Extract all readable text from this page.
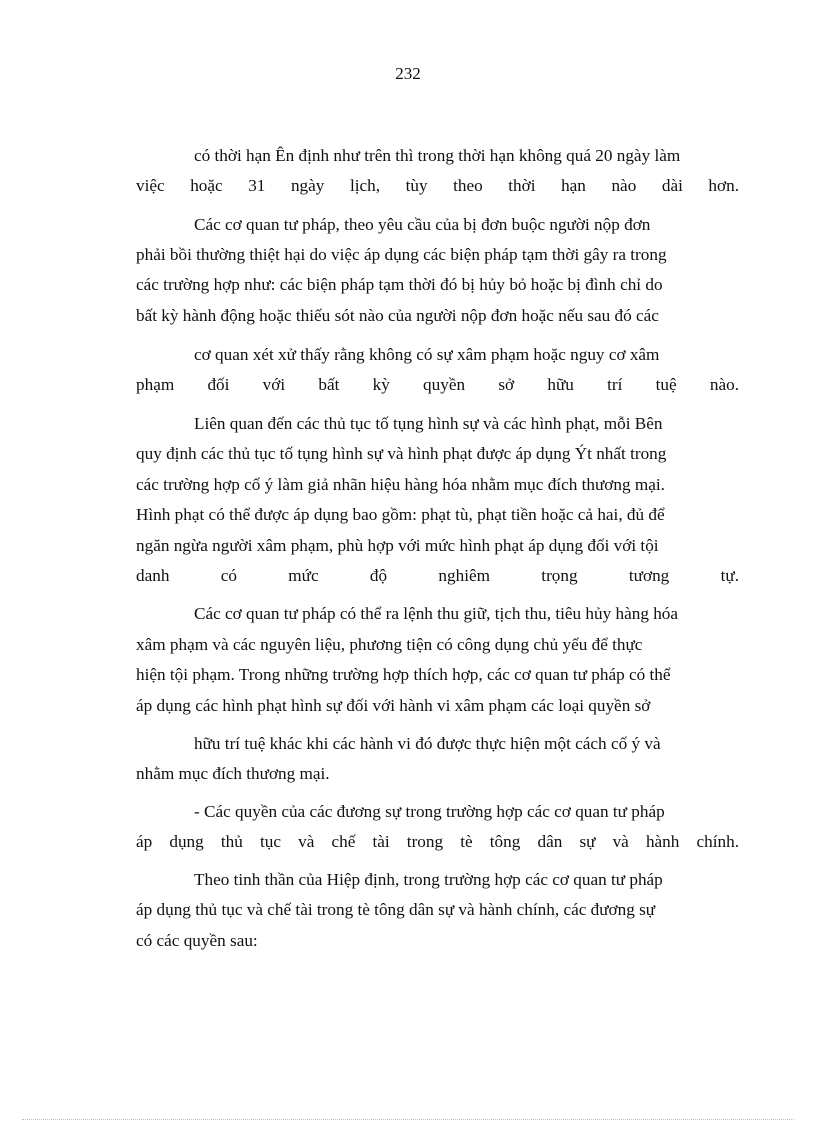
232
có thời hạn Ên định như trên thì trong thời hạn không quá 20 ngày làm
việc hoặc 31 ngày lịch, tùy theo thời hạn nào dài hơn.
Các cơ quan tư pháp, theo yêu cầu của bị đơn buộc người nộp đơn
phải bồi thường thiệt hại do việc áp dụng các biện pháp tạm thời gây ra trong
các trường hợp như: các biện pháp tạm thời đó bị hủy bỏ hoặc bị đình chỉ do
bất kỳ hành động hoặc thiếu sót nào của người nộp đơn hoặc nếu sau đó các
cơ quan xét xử thấy rằng không có sự xâm phạm hoặc nguy cơ xâm
phạm đối với bất kỳ quyền sở hữu trí tuệ nào.
Liên quan đến các thủ tục tố tụng hình sự và các hình phạt, mỗi Bên
quy định các thủ tục tố tụng hình sự và hình phạt được áp dụng Ýt nhất trong
các trường hợp cố ý làm giả nhãn hiệu hàng hóa nhằm mục đích thương mại.
Hình phạt có thể được áp dụng bao gồm: phạt tù, phạt tiền hoặc cả hai, đủ để
ngăn ngừa người xâm phạm, phù hợp với mức hình phạt áp dụng đối với tội
danh có mức độ nghiêm trọng tương tự.
Các cơ quan tư pháp có thể ra lệnh thu giữ, tịch thu, tiêu hủy hàng hóa
xâm phạm và các nguyên liệu, phương tiện có công dụng chủ yếu để thực
hiện tội phạm. Trong những trường hợp thích hợp, các cơ quan tư pháp có thể
áp dụng các hình phạt hình sự đối với hành vi xâm phạm các loại quyền sở
hữu trí tuệ khác khi các hành vi đó được thực hiện một cách cố ý và
nhằm mục đích thương mại.
- Các quyền của các đương sự trong trường hợp các cơ quan tư pháp
áp dụng thủ tục và chế tài trong tè tông dân sự và hành chính.
Theo tinh thần của Hiệp định, trong trường hợp các cơ quan tư pháp
áp dụng thủ tục và chế tài trong tè tông dân sự và hành chính, các đương sự
có các quyền sau:
